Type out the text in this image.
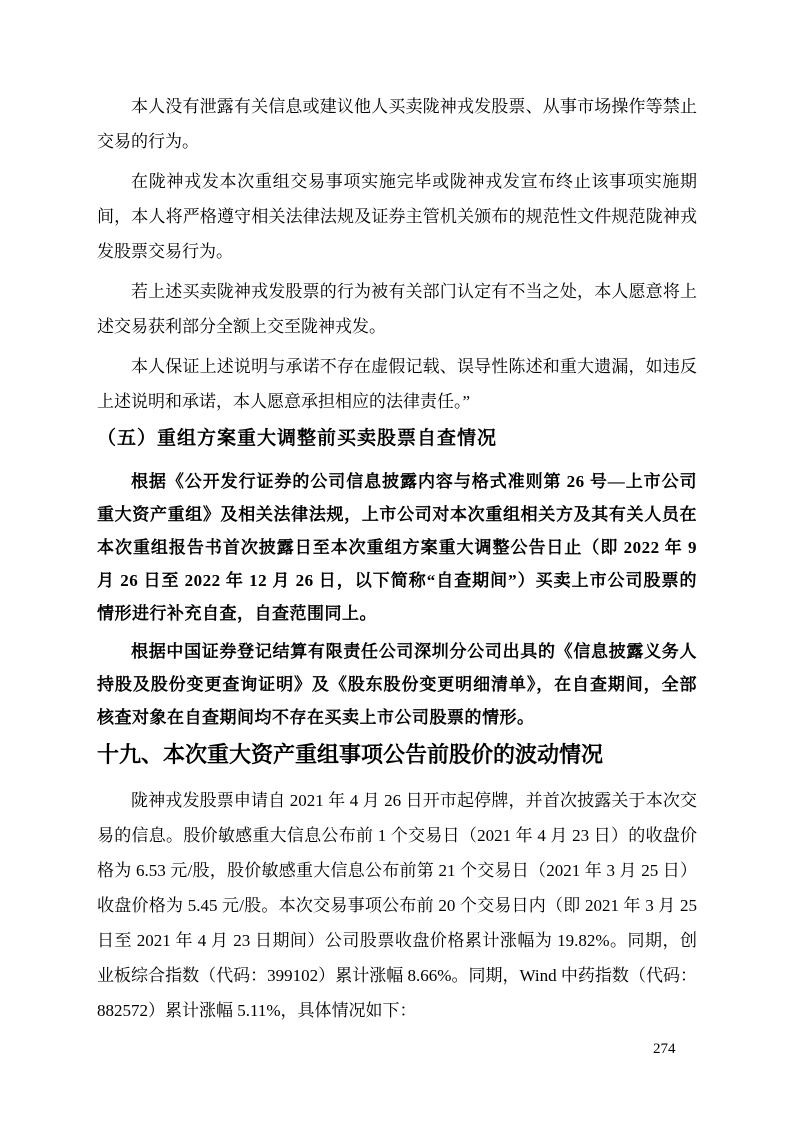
本人没有泄露有关信息或建议他人买卖陇神戎发股票、从事市场操作等禁止交易的行为。

在陇神戎发本次重组交易事项实施完毕或陇神戎发宣布终止该事项实施期间，本人将严格遵守相关法律法规及证券主管机关颁布的规范性文件规范陇神戎发股票交易行为。

若上述买卖陇神戎发股票的行为被有关部门认定有不当之处，本人愿意将上述交易获利部分全额上交至陇神戎发。

本人保证上述说明与承诺不存在虚假记载、误导性陈述和重大遗漏，如违反上述说明和承诺，本人愿意承担相应的法律责任。”

（五）重组方案重大调整前买卖股票自查情况

根据《公开发行证券的公司信息披露内容与格式准则第 26 号—上市公司重大资产重组》及相关法律法规，上市公司对本次重组相关方及其有关人员在本次重组报告书首次披露日至本次重组方案重大调整公告日止（即 2022 年 9 月 26 日至 2022 年 12 月 26 日，以下简称“自查期间”）买卖上市公司股票的情形进行补充自查，自查范围同上。

根据中国证券登记结算有限责任公司深圳分公司出具的《信息披露义务人持股及股份变更查询证明》及《股东股份变更明细清单》，在自查期间，全部核查对象在自查期间均不存在买卖上市公司股票的情形。

十九、本次重大资产重组事项公告前股价的波动情况

陇神戎发股票申请自 2021 年 4 月 26 日开市起停牌，并首次披露关于本次交易的信息。股价敏感重大信息公布前 1 个交易日（2021 年 4 月 23 日）的收盘价格为 6.53 元/股，股价敏感重大信息公布前第 21 个交易日（2021 年 3 月 25 日）收盘价格为 5.45 元/股。本次交易事项公布前 20 个交易日内（即 2021 年 3 月 25 日至 2021 年 4 月 23 日期间）公司股票收盘价格累计涨幅为 19.82%。同期，创业板综合指数（代码：399102）累计涨幅 8.66%。同期，Wind 中药指数（代码：882572）累计涨幅 5.11%，具体情况如下：

274
